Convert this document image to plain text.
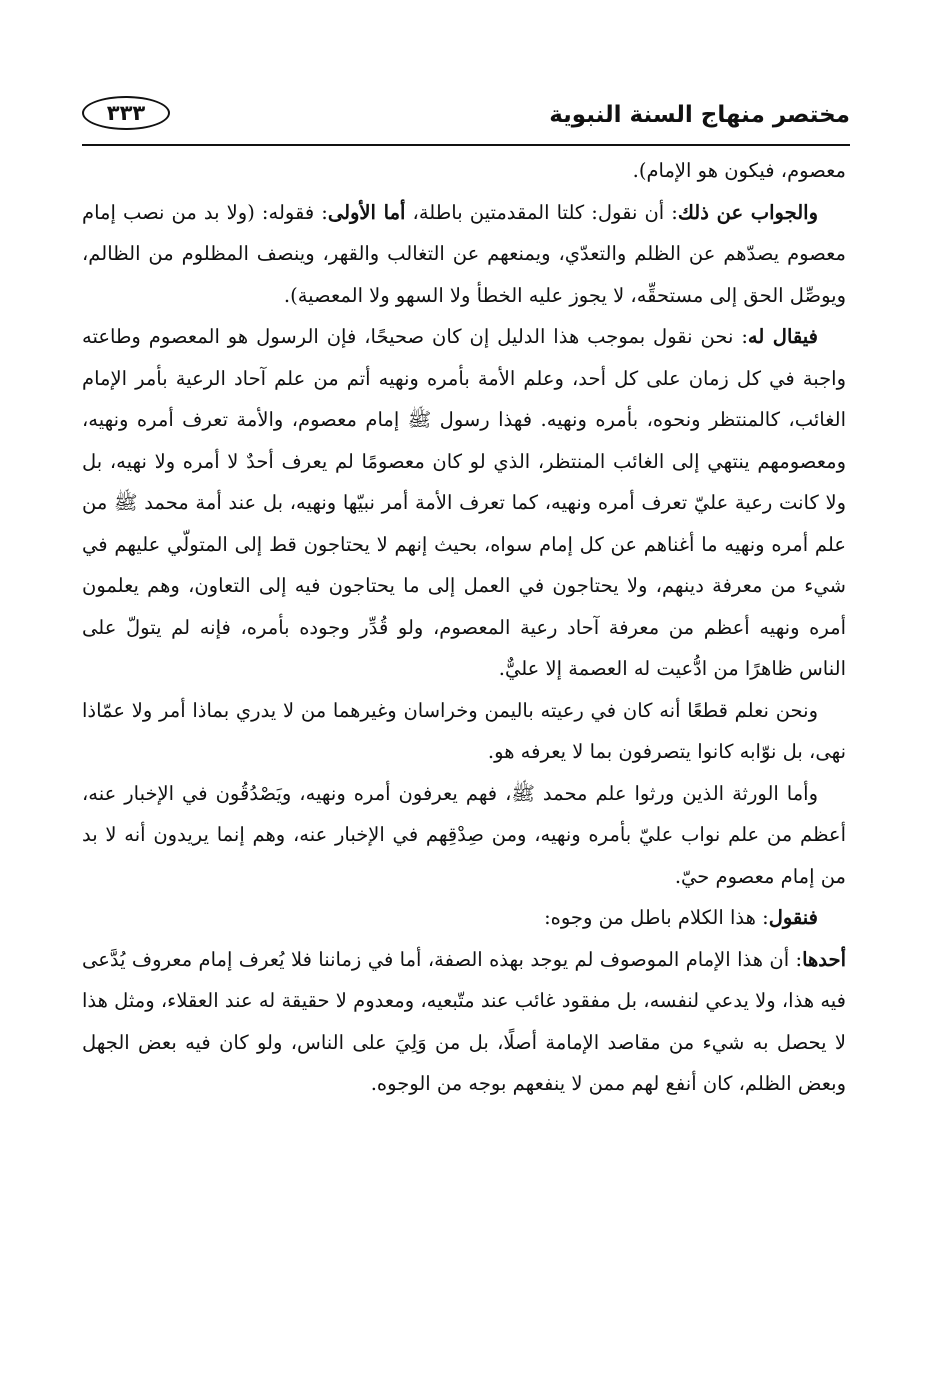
مختصر منهاج السنة النبوية
٣٣٣

معصوم، فيكون هو الإمام).

والجواب عن ذلك: أن نقول: كلتا المقدمتين باطلة، أما الأولى: فقوله: (ولا بد من نصب إمام معصوم يصدّهم عن الظلم والتعدّي، ويمنعهم عن التغالب والقهر، وينصف المظلوم من الظالم، ويوصِّل الحق إلى مستحقِّه، لا يجوز عليه الخطأ ولا السهو ولا المعصية).

فيقال له: نحن نقول بموجب هذا الدليل إن كان صحيحًا، فإن الرسول هو المعصوم وطاعته واجبة في كل زمان على كل أحد، وعلم الأمة بأمره ونهيه أتم من علم آحاد الرعية بأمر الإمام الغائب، كالمنتظر ونحوه، بأمره ونهيه. فهذا رسول ﷺ إمام معصوم، والأمة تعرف أمره ونهيه، ومعصومهم ينتهي إلى الغائب المنتظر، الذي لو كان معصومًا لم يعرف أحدٌ لا أمره ولا نهيه، بل ولا كانت رعية عليّ تعرف أمره ونهيه، كما تعرف الأمة أمر نبيّها ونهيه، بل عند أمة محمد ﷺ من علم أمره ونهيه ما أغناهم عن كل إمام سواه، بحيث إنهم لا يحتاجون قط إلى المتولّي عليهم في شيء من معرفة دينهم، ولا يحتاجون في العمل إلى ما يحتاجون فيه إلى التعاون، وهم يعلمون أمره ونهيه أعظم من معرفة آحاد رعية المعصوم، ولو قُدِّر وجوده بأمره، فإنه لم يتولّ على الناس ظاهرًا من ادُّعيت له العصمة إلا عليٌّ.

ونحن نعلم قطعًا أنه كان في رعيته باليمن وخراسان وغيرهما من لا يدري بماذا أمر ولا عمّاذا نهى، بل نوّابه كانوا يتصرفون بما لا يعرفه هو.

وأما الورثة الذين ورثوا علم محمد ﷺ، فهم يعرفون أمره ونهيه، ويَصْدُقُون في الإخبار عنه، أعظم من علم نواب عليّ بأمره ونهيه، ومن صِدْقِهم في الإخبار عنه، وهم إنما يريدون أنه لا بد من إمام معصوم حيّ.

فنقول: هذا الكلام باطل من وجوه:

أحدها: أن هذا الإمام الموصوف لم يوجد بهذه الصفة، أما في زماننا فلا يُعرف إمام معروف يُدَّعى فيه هذا، ولا يدعي لنفسه، بل مفقود غائب عند متّبعيه، ومعدوم لا حقيقة له عند العقلاء، ومثل هذا لا يحصل به شيء من مقاصد الإمامة أصلًا، بل من وَلِيَ على الناس، ولو كان فيه بعض الجهل وبعض الظلم، كان أنفع لهم ممن لا ينفعهم بوجه من الوجوه.
